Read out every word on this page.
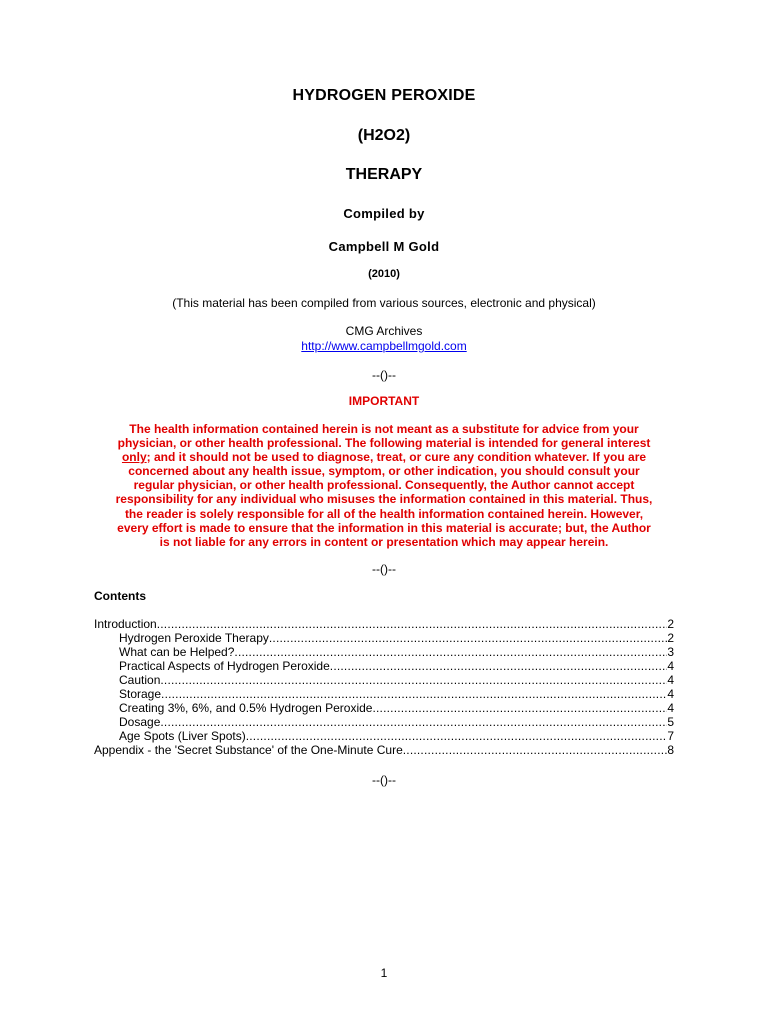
HYDROGEN PEROXIDE
(H2O2)
THERAPY
Compiled by
Campbell M Gold
(2010)
(This material has been compiled from various sources, electronic and physical)
CMG Archives
http://www.campbellmgold.com
--()--
IMPORTANT
The health information contained herein is not meant as a substitute for advice from your
physician, or other health professional. The following material is intended for general interest
only; and it should not be used to diagnose, treat, or cure any condition whatever. If you are
concerned about any health issue, symptom, or other indication, you should consult your
regular physician, or other health professional. Consequently, the Author cannot accept
responsibility for any individual who misuses the information contained in this material. Thus,
the reader is solely responsible for all of the health information contained herein. However,
every effort is made to ensure that the information in this material is accurate; but, the Author
is not liable for any errors in content or presentation which may appear herein.
--()--
Contents
Introduction .....	2
Hydrogen Peroxide Therapy .....	2
What can be Helped? .....	3
Practical Aspects of Hydrogen Peroxide .....	4
Caution .....	4
Storage .....	4
Creating 3%, 6%, and 0.5% Hydrogen Peroxide .....	4
Dosage .....	5
Age Spots (Liver Spots) .....	7
Appendix - the 'Secret Substance' of the One-Minute Cure .....	8
--()--
1
